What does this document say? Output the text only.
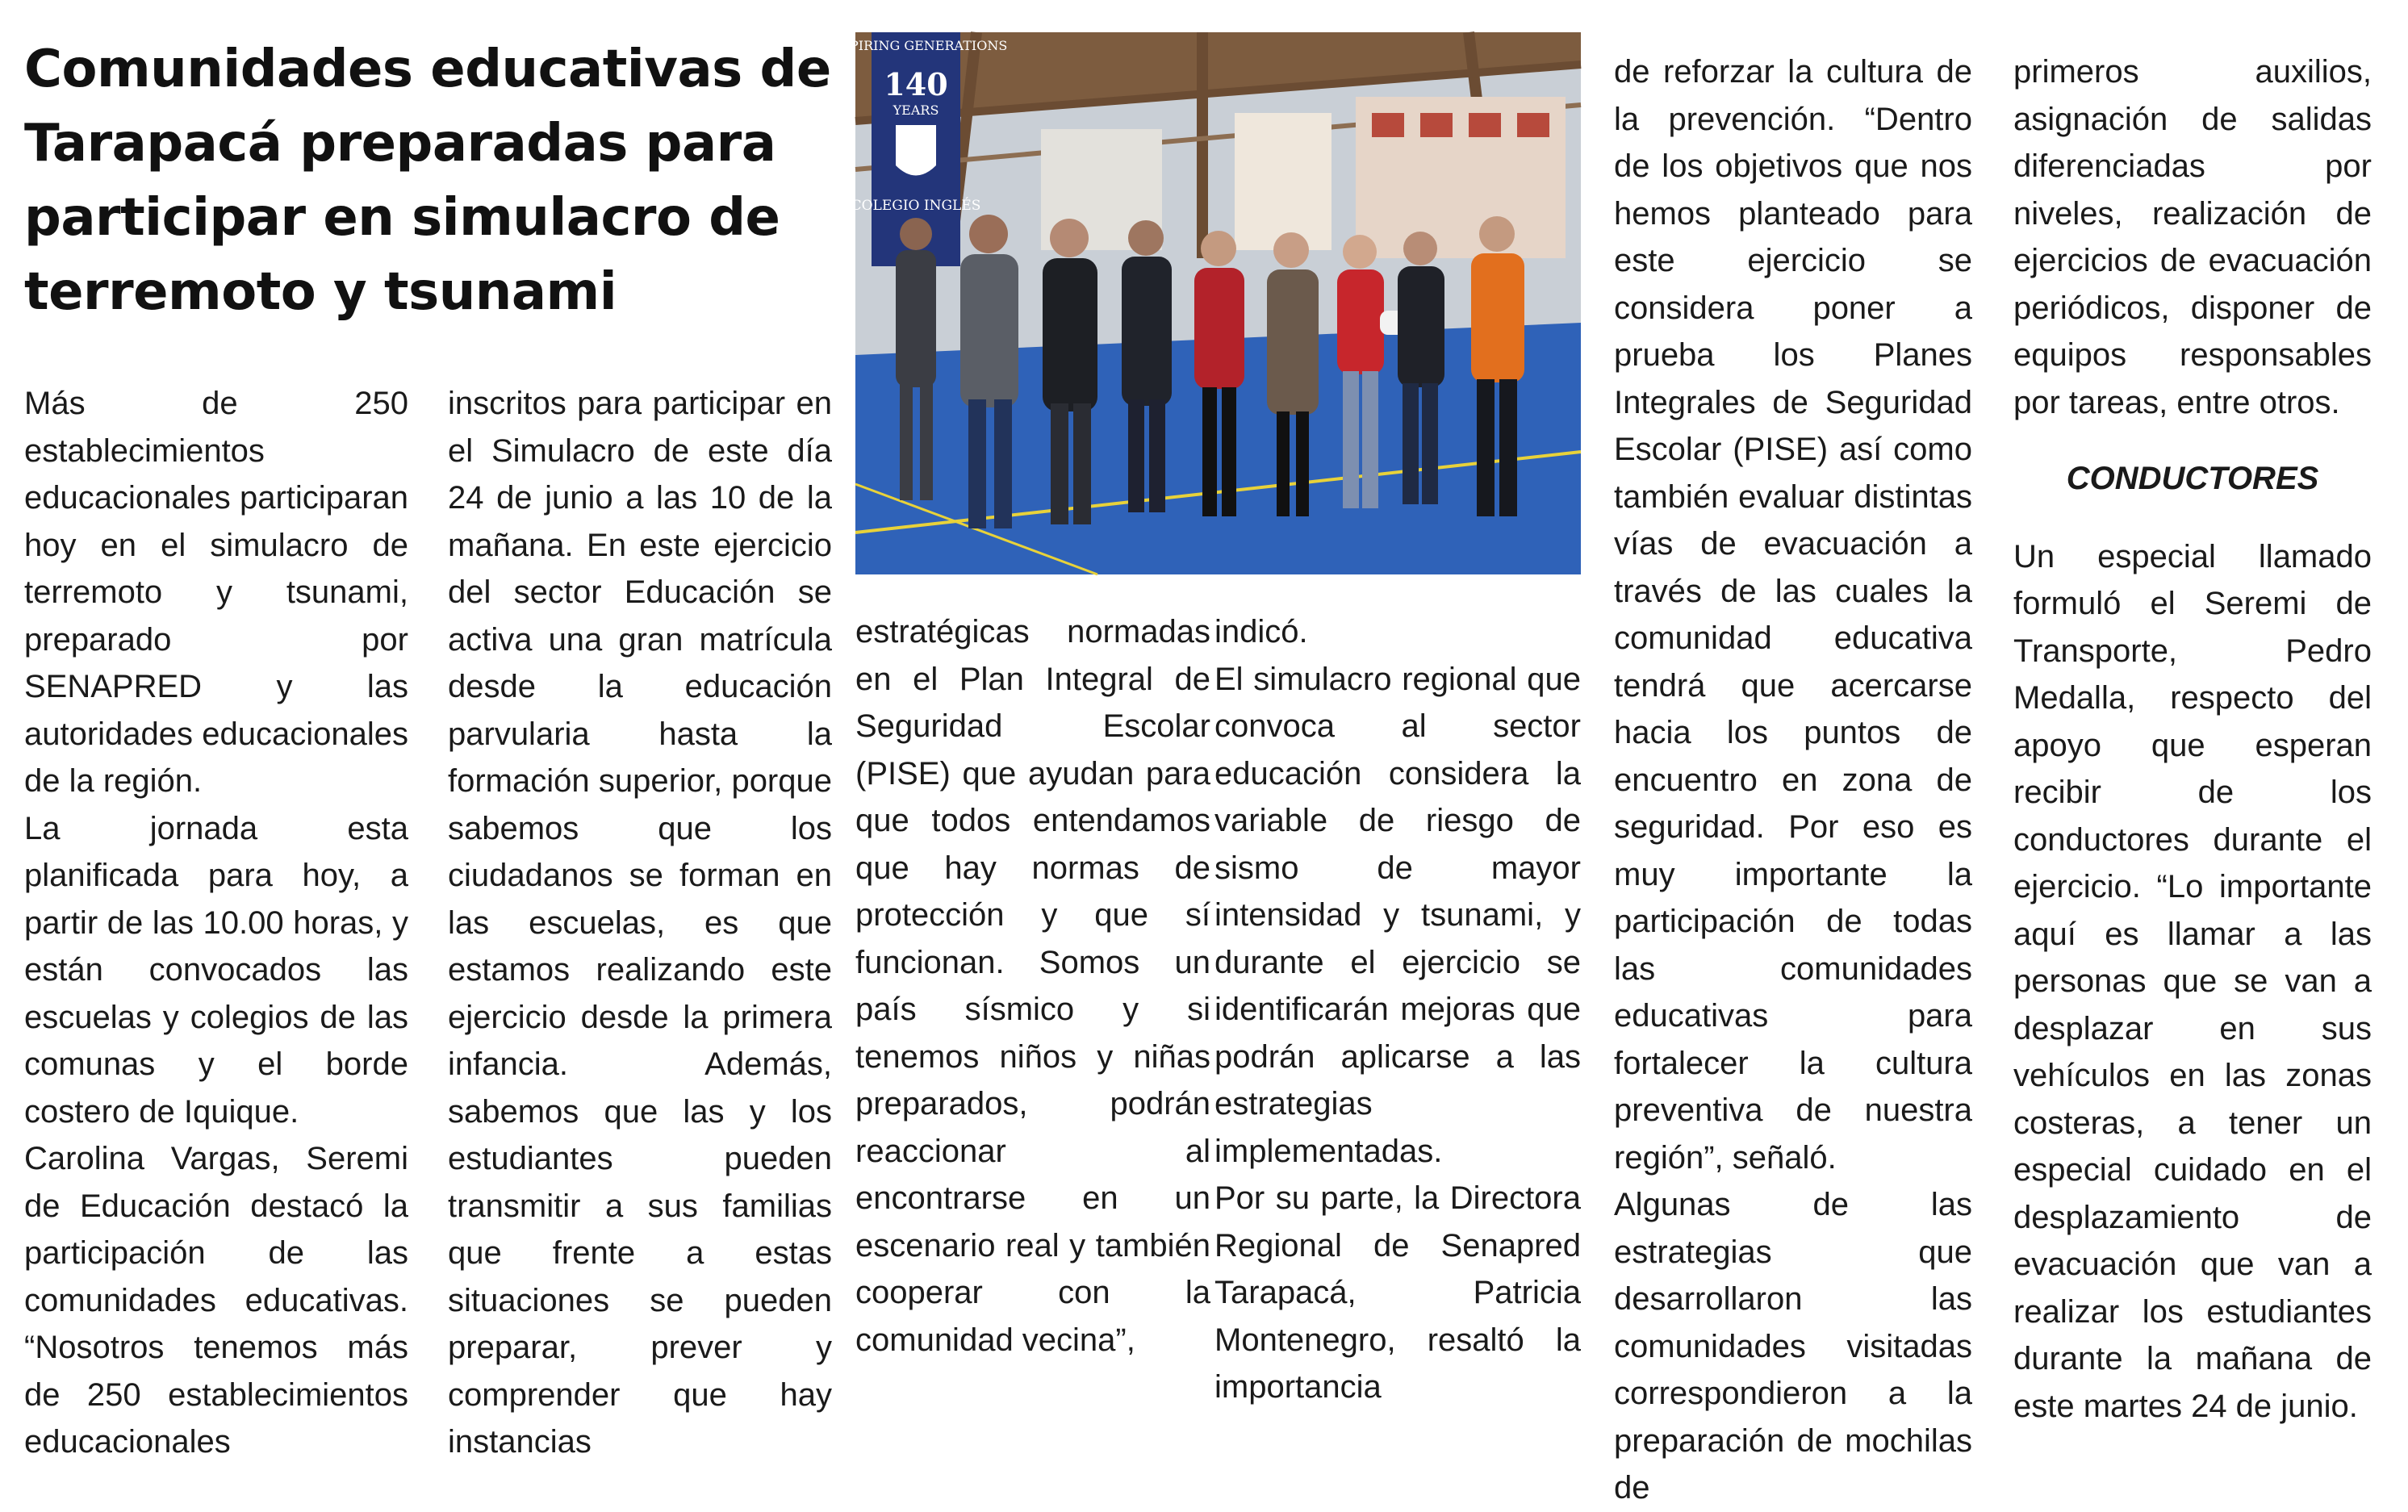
Comunidades educativas de Tarapacá preparadas para participar en simulacro de terremoto y tsunami
INSPIRING GENERATIONS
140
YEARS
COLEGIO INGLÉS

Más de 250 establecimientos educacionales participaran hoy en el simulacro de terremoto y tsunami, preparado por SENAPRED y las autoridades educacionales de la región.

La jornada esta planificada para hoy, a partir de las 10.00 horas, y están convocados las escuelas y colegios de las comunas y el borde costero de Iquique.

Carolina Vargas, Seremi de Educación destacó la participación de las comunidades educativas. “Nosotros tenemos más de 250 establecimientos educacionales

inscritos para participar en el Simulacro de este día 24 de junio a las 10 de la mañana. En este ejercicio del sector Educación se activa una gran matrícula desde la educación parvularia hasta la formación superior, porque sabemos que los ciudadanos se forman en las escuelas, es que estamos realizando este ejercicio desde la primera infancia. Además, sabemos que las y los estudiantes pueden transmitir a sus familias que frente a estas situaciones se pueden preparar, prever y comprender que hay instancias

estratégicas normadas en el Plan Integral de Seguridad Escolar (PISE) que ayudan para que todos entendamos que hay normas de protección y que sí funcionan. Somos un país sísmico y si tenemos niños y niñas preparados, podrán reaccionar al encontrarse en un escenario real y también cooperar con la comunidad vecina”,

indicó.

El simulacro regional que convoca al sector educación considera la variable de riesgo de sismo de mayor intensidad y tsunami, y durante el ejercicio se identificarán mejoras que podrán aplicarse a las estrategias implementadas.

Por su parte, la Directora Regional de Senapred Tarapacá, Patricia Montenegro, resaltó la importancia

de reforzar la cultura de la prevención. “Dentro de los objetivos que nos hemos planteado para este ejercicio se considera poner a prueba los Planes Integrales de Seguridad Escolar (PISE) así como también evaluar distintas vías de evacuación a través de las cuales la comunidad educativa tendrá que acercarse hacia los puntos de encuentro en zona de seguridad. Por eso es muy importante la participación de todas las comunidades educativas para fortalecer la cultura preventiva de nuestra región”, señaló.

Algunas de las estrategias que desarrollaron las comunidades visitadas correspondieron a la preparación de mochilas de

primeros auxilios, asignación de salidas diferenciadas por niveles, realización de ejercicios de evacuación periódicos, disponer de equipos responsables por tareas, entre otros.

CONDUCTORES

Un especial llamado formuló el Seremi de Transporte, Pedro Medalla, respecto del apoyo que esperan recibir de los conductores durante el ejercicio. “Lo importante aquí es llamar a las personas que se van a desplazar en sus vehículos en las zonas costeras, a tener un especial cuidado en el desplazamiento de evacuación que van a realizar los estudiantes durante la mañana de este martes 24 de junio.
